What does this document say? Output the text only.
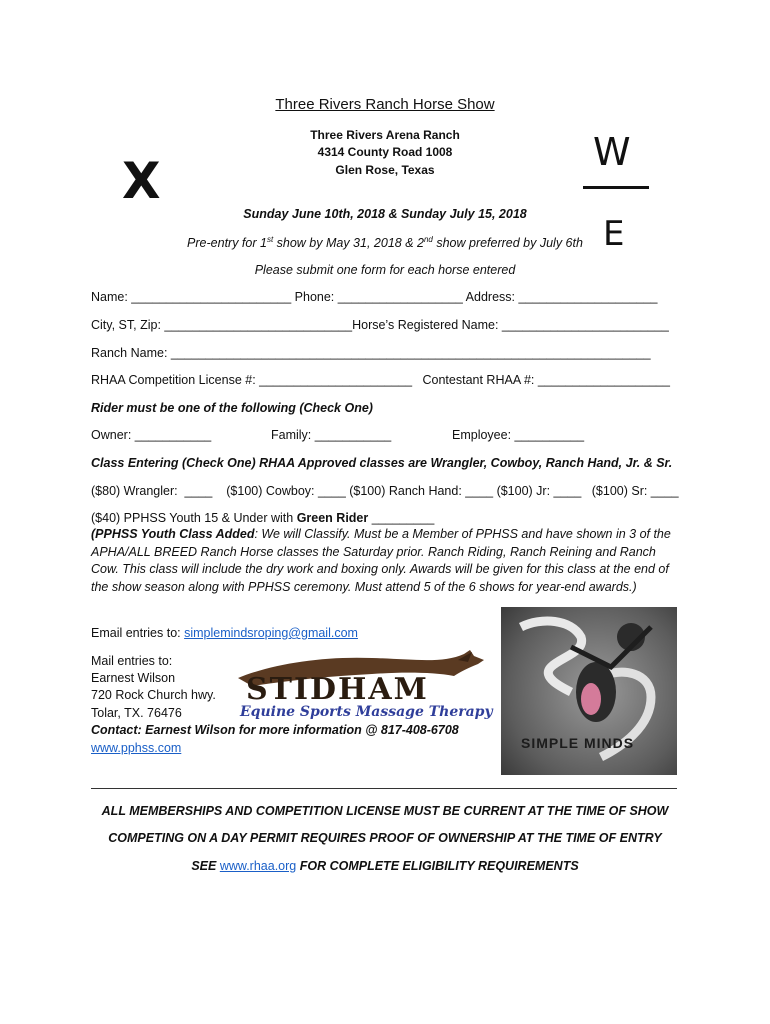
Three Rivers Ranch Horse Show
Three Rivers Arena Ranch
4314 County Road 1008
Glen Rose, Texas
X	W
E
Sunday June 10th, 2018 & Sunday July 15, 2018
Pre-entry for 1st show by May 31, 2018 & 2nd show preferred by July 6th
Please submit one form for each horse entered
Name: _______________________ Phone: __________________ Address: ____________________
City, ST, Zip: ___________________________Horse’s Registered Name: ________________________
Ranch Name: _____________________________________________________________________
RHAA Competition License #: ______________________   Contestant RHAA #: ___________________
Rider must be one of the following (Check One)
Owner: ___________	Family: ___________	Employee: __________
Class Entering (Check One) RHAA Approved classes are Wrangler, Cowboy, Ranch Hand, Jr. & Sr.
($80) Wrangler:  ____    ($100) Cowboy: ____ ($100) Ranch Hand: ____ ($100) Jr: ____   ($100) Sr: ____
($40) PPHSS Youth 15 & Under with Green Rider _________
(PPHSS Youth Class Added: We will Classify. Must be a Member of PPHSS and have shown in 3 of the APHA/ALL BREED Ranch Horse classes the Saturday prior. Ranch Riding, Ranch Reining and Ranch Cow. This class will include the dry work and boxing only. Awards will be given for this class at the end of the show season along with PPHSS ceremony. Must attend 5 of the 6 shows for year-end awards.)
Email entries to: simplemindsroping@gmail.com
Mail entries to:
Earnest Wilson
720 Rock Church hwy.
Tolar, TX. 76476
Contact: Earnest Wilson for more information @ 817-408-6708
www.pphss.com
STIDHAM
Equine Sports Massage Therapy
SIMPLE MINDS
ALL MEMBERSHIPS AND COMPETITION LICENSE MUST BE CURRENT AT THE TIME OF SHOW
COMPETING ON A DAY PERMIT REQUIRES PROOF OF OWNERSHIP AT THE TIME OF ENTRY
SEE www.rhaa.org FOR COMPLETE ELIGIBILITY REQUIREMENTS
